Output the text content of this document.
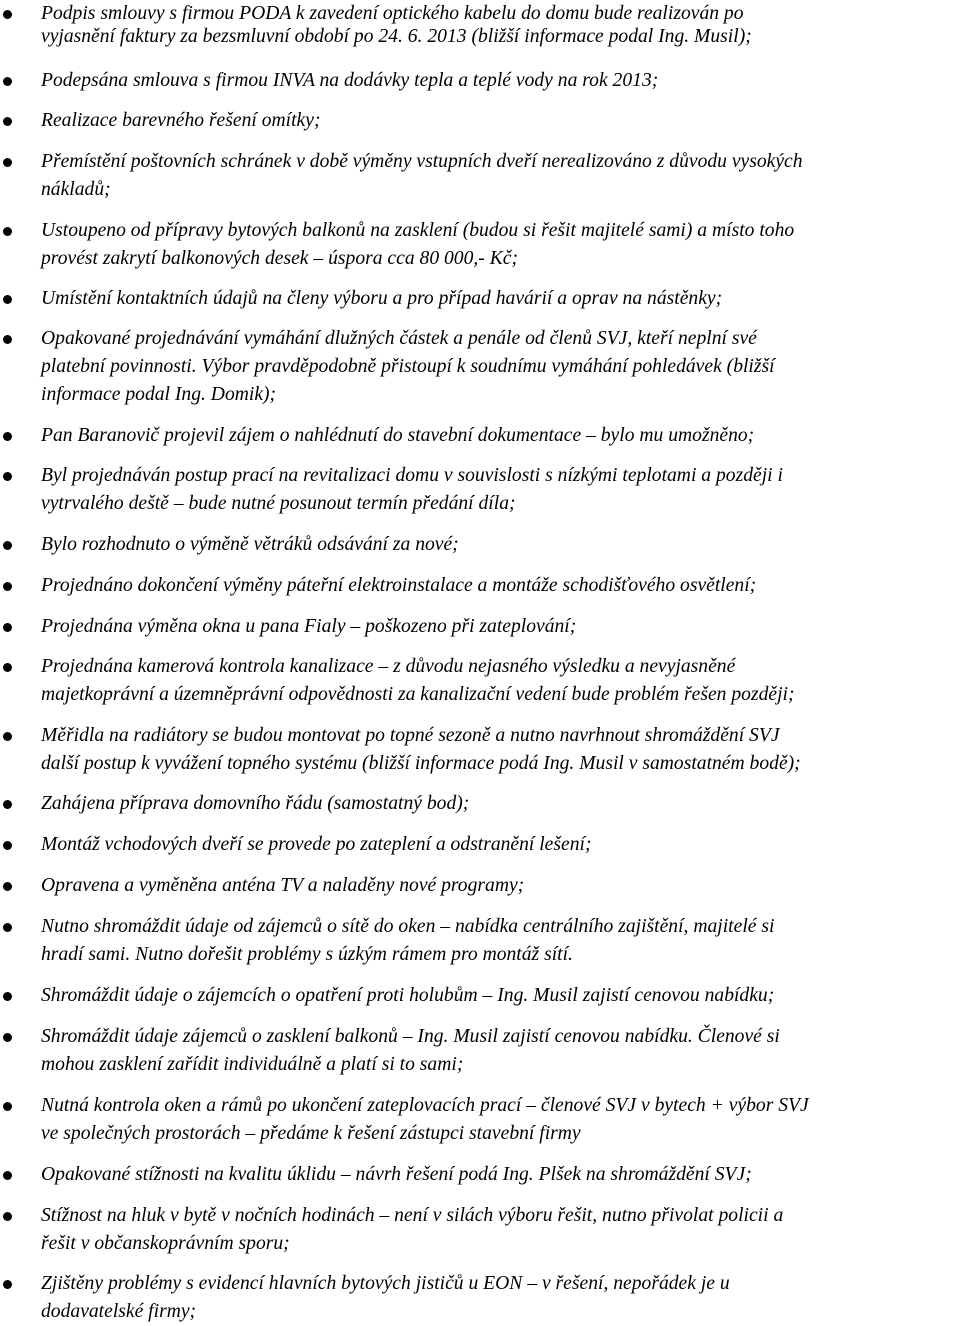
Podpis smlouvy s firmou PODA k zavedení optického kabelu do domu bude realizován po
vyjasnění faktury za bezsmluvní období po 24. 6. 2013 (bližší informace podal Ing. Musil);
Podepsána smlouva s firmou INVA na dodávky tepla a teplé vody na rok 2013;
Realizace barevného řešení omítky;
Přemístění poštovních schránek v době výměny vstupních dveří nerealizováno z důvodu vysokých
nákladů;
Ustoupeno od přípravy bytových balkonů na zasklení (budou si řešit majitelé sami) a místo toho
provést zakrytí balkonových desek – úspora cca 80 000,- Kč;
Umístění kontaktních údajů na členy výboru a pro případ havárií a oprav na nástěnky;
Opakované projednávání vymáhání dlužných částek a penále od členů SVJ, kteří neplní své
platební povinnosti. Výbor pravděpodobně přistoupí k soudnímu vymáhání pohledávek (bližší
informace podal Ing. Domik);
Pan Baranovič projevil zájem o nahlédnutí do stavební dokumentace – bylo mu umožněno;
Byl projednáván postup prací na revitalizaci domu v souvislosti s nízkými teplotami a později i
vytrvalého deště – bude nutné posunout termín předání díla;
Bylo rozhodnuto o výměně větráků odsávání za nové;
Projednáno dokončení výměny páteřní elektroinstalace a montáže schodišťového osvětlení;
Projednána výměna okna u pana Fialy – poškozeno při zateplování;
Projednána kamerová kontrola kanalizace – z důvodu nejasného výsledku a nevyjasněné
majetkoprávní a územněprávní odpovědnosti za kanalizační vedení bude problém řešen později;
Měřidla na radiátory se budou montovat po topné sezoně a nutno navrhnout shromáždění SVJ
další postup k vyvážení topného systému (bližší informace podá Ing. Musil v samostatném bodě);
Zahájena příprava domovního řádu (samostatný bod);
Montáž vchodových dveří se provede po zateplení a odstranění lešení;
Opravena a vyměněna anténa TV a naladěny nové programy;
Nutno shromáždit údaje od zájemců o sítě do oken – nabídka centrálního zajištění, majitelé si
hradí sami. Nutno dořešit problémy s úzkým rámem pro montáž sítí.
Shromáždit údaje o zájemcích o opatření proti holubům – Ing. Musil zajistí cenovou nabídku;
Shromáždit údaje zájemců o zasklení balkonů – Ing. Musil zajistí cenovou nabídku. Členové si
mohou zasklení zařídit individuálně a platí si to sami;
Nutná kontrola oken a rámů po ukončení zateplovacích prací – členové SVJ v bytech + výbor SVJ
ve společných prostorách – předáme k řešení zástupci stavební firmy
Opakované stížnosti na kvalitu úklidu – návrh řešení podá Ing. Plšek na shromáždění SVJ;
Stížnost na hluk v bytě v nočních hodinách – není v silách výboru řešit, nutno přivolat policii a
řešit v občanskoprávním sporu;
Zjištěny problémy s evidencí hlavních bytových jističů u EON – v řešení, nepořádek je u
dodavatelské firmy;
